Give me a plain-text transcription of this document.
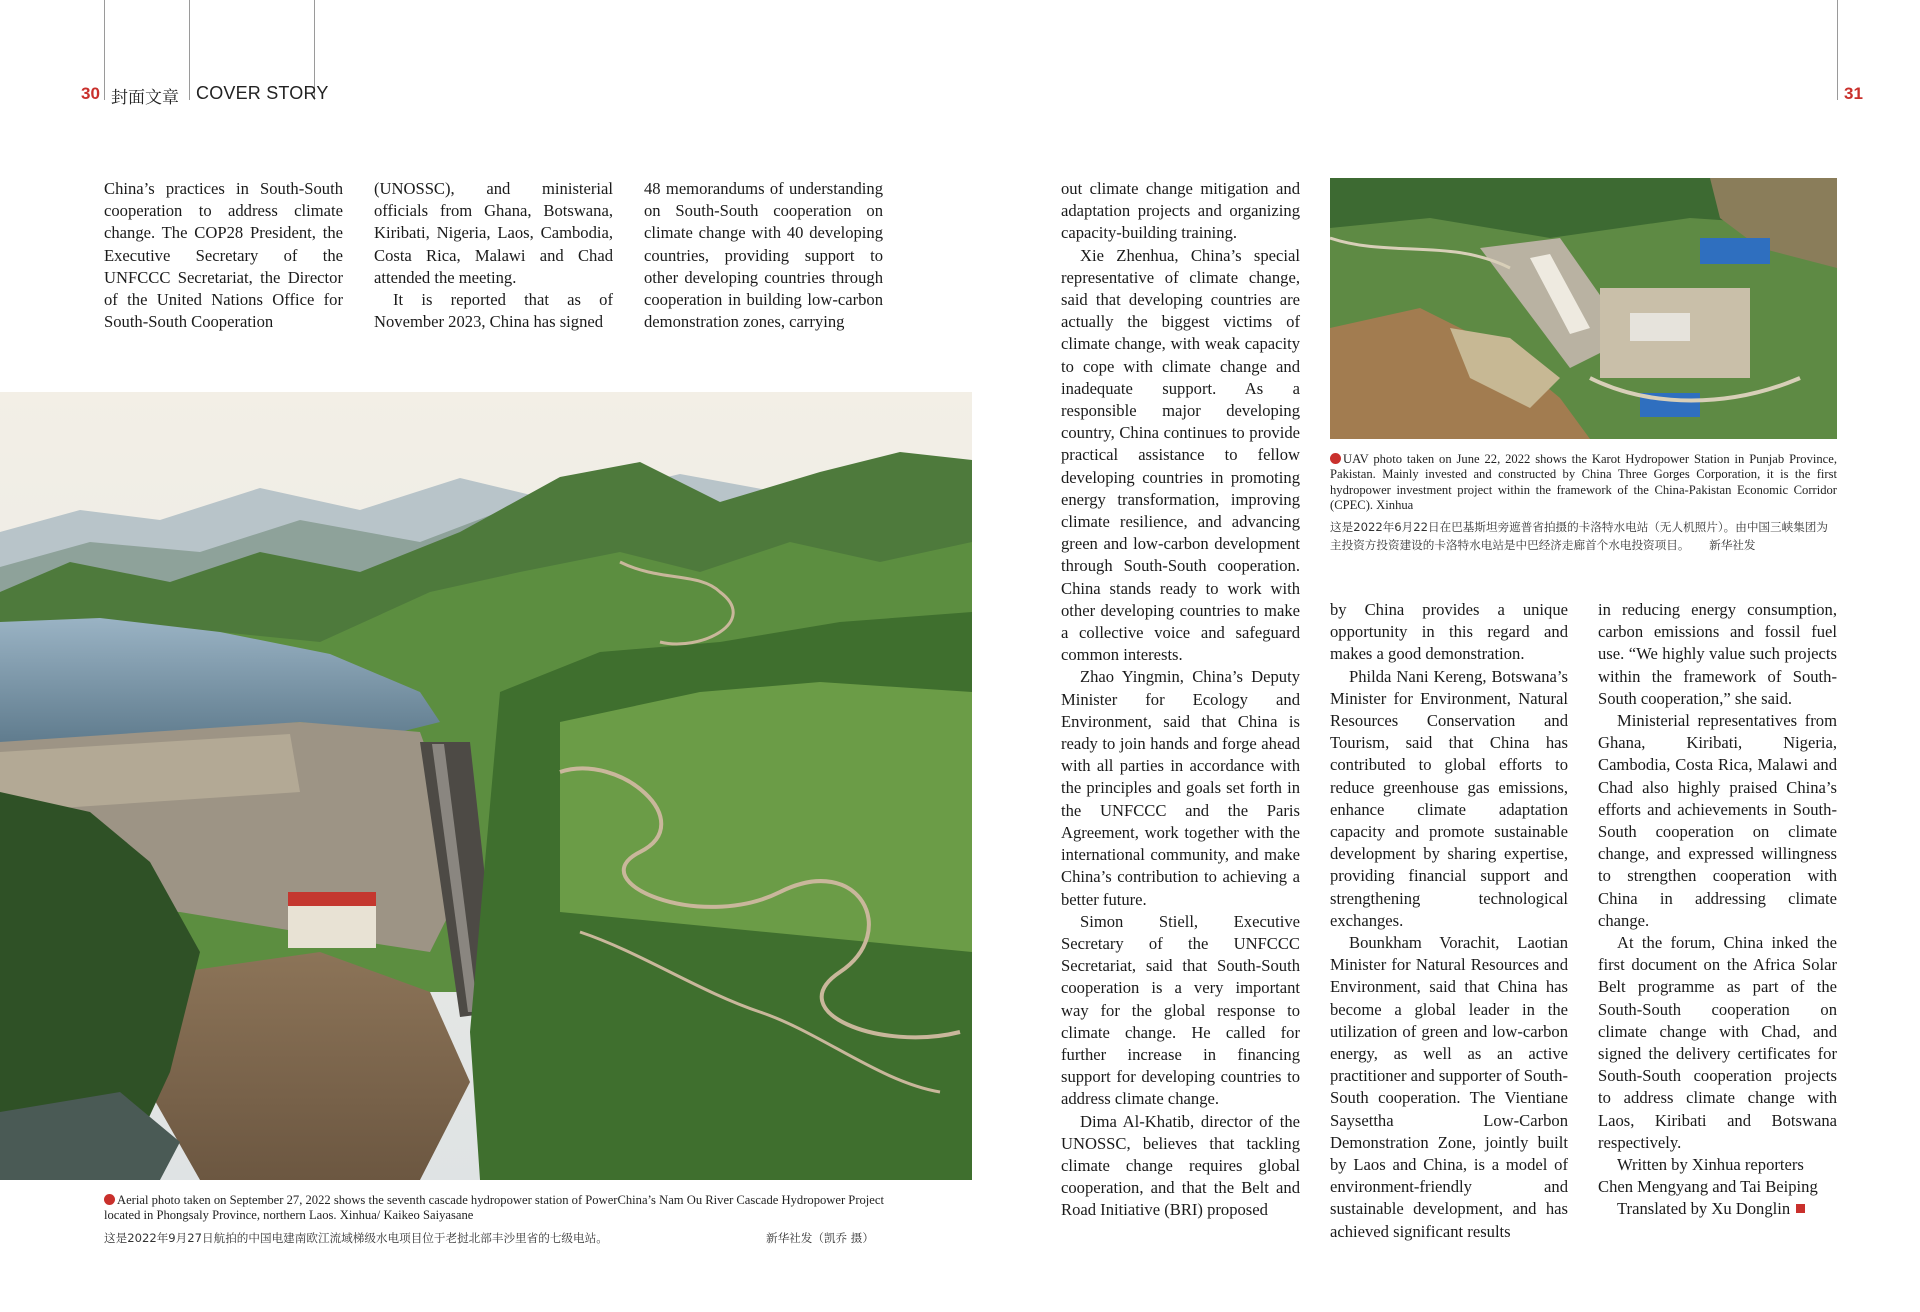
30 封面文章 COVER STORY	31

China’s practices in South-South cooperation to address climate change. The COP28 President, the Executive Secretary of the UNFCCC Secretariat, the Director of the United Nations Office for South-South Cooperation

(UNOSSC), and ministerial officials from Ghana, Botswana, Kiribati, Nigeria, Laos, Cambodia, Costa Rica, Malawi and Chad attended the meeting.

It is reported that as of November 2023, China has signed

48 memorandums of understanding on South-South cooperation on climate change with 40 developing countries, providing support to other developing countries through cooperation in building low-carbon demonstration zones, carrying

Aerial photo taken on September 27, 2022 shows the seventh cascade hydropower station of PowerChina’s Nam Ou River Cascade Hydropower Project located in Phongsaly Province, northern Laos. Xinhua/ Kaikeo Saiyasane
这是2022年9月27日航拍的中国电建南欧江流域梯级水电项目位于老挝北部丰沙里省的七级电站。	新华社发（凯乔 摄）
UAV photo taken on June 22, 2022 shows the Karot Hydropower Station in Punjab Province, Pakistan. Mainly invested and constructed by China Three Gorges Corporation, it is the first hydropower investment project within the framework of the China-Pakistan Economic Corridor (CPEC). Xinhua
这是2022年6月22日在巴基斯坦旁遮普省拍摄的卡洛特水电站（无人机照片）。由中国三峡集团为主投资方投资建设的卡洛特水电站是中巴经济走廊首个水电投资项目。 新华社发

out climate change mitigation and adaptation projects and organizing capacity-building training.

Xie Zhenhua, China’s special representative of climate change, said that developing countries are actually the biggest victims of climate change, with weak capacity to cope with climate change and inadequate support. As a responsible major developing country, China continues to provide practical assistance to fellow developing countries in promoting energy transformation, improving climate resilience, and advancing green and low-carbon development through South-South cooperation. China stands ready to work with other developing countries to make a collective voice and safeguard common interests.

Zhao Yingmin, China’s Deputy Minister for Ecology and Environment, said that China is ready to join hands and forge ahead with all parties in accordance with the principles and goals set forth in the UNFCCC and the Paris Agreement, work together with the international community, and make China’s contribution to achieving a better future.

Simon Stiell, Executive Secretary of the UNFCCC Secretariat, said that South-South cooperation is a very important way for the global response to climate change. He called for further increase in financing support for developing countries to address climate change.

Dima Al-Khatib, director of the UNOSSC, believes that tackling climate change requires global cooperation, and that the Belt and Road Initiative (BRI) proposed

by China provides a unique opportunity in this regard and makes a good demonstration.

Phildа Nani Kereng, Botswana’s Minister for Environment, Natural Resources Conservation and Tourism, said that China has contributed to global efforts to reduce greenhouse gas emissions, enhance climate adaptation capacity and promote sustainable development by sharing expertise, providing financial support and strengthening technological exchanges.

Bounkham Vorachit, Laotian Minister for Natural Resources and Environment, said that China has become a global leader in the utilization of green and low-carbon energy, as well as an active practitioner and supporter of South-South cooperation. The Vientiane Saysettha Low-Carbon Demonstration Zone, jointly built by Laos and China, is a model of environment-friendly and sustainable development, and has achieved significant results

in reducing energy consumption, carbon emissions and fossil fuel use. “We highly value such projects within the framework of South-South cooperation,” she said.

Ministerial representatives from Ghana, Kiribati, Nigeria, Cambodia, Costa Rica, Malawi and Chad also highly praised China’s efforts and achievements in South-South cooperation on climate change, and expressed willingness to strengthen cooperation with China in addressing climate change.

At the forum, China inked the first document on the Africa Solar Belt programme as part of the South-South cooperation on climate change with Chad, and signed the delivery certificates for South-South cooperation projects to address climate change with Laos, Kiribati and Botswana respectively.

Written by Xinhua reporters Chen Mengyang and Tai Beiping

Translated by Xu Donglin
